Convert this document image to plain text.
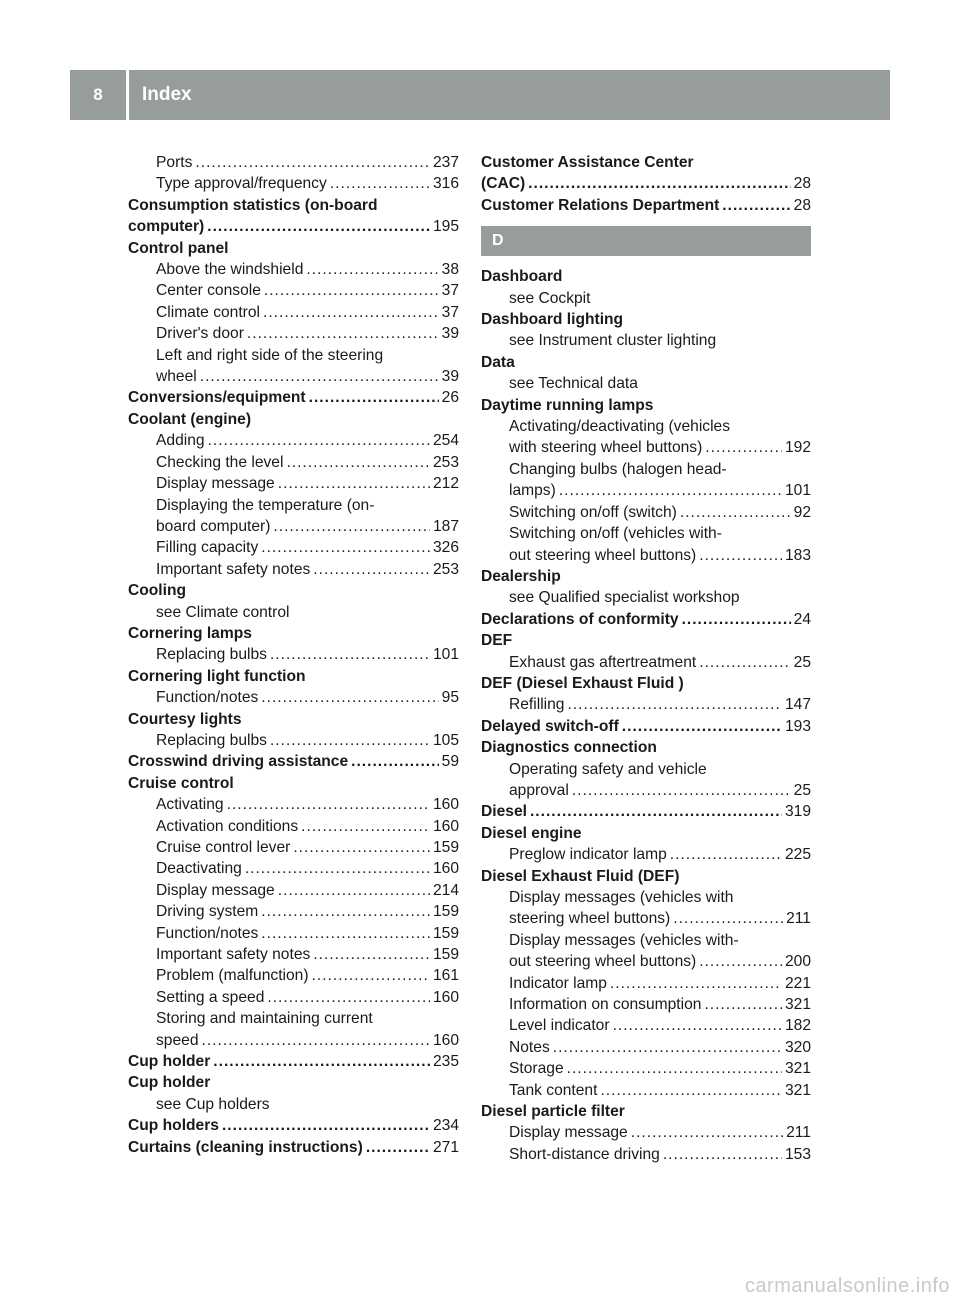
8	Index
Ports .....	237
Type approval/frequency .....	316
Consumption statistics (on-board
computer) .....	195
Control panel
Above the windshield .....	38
Center console .....	37
Climate control .....	37
Driver's door .....	39
Left and right side of the steering
wheel .....	39
Conversions/equipment .....	26
Coolant (engine)
Adding .....	254
Checking the level .....	253
Display message .....	212
Displaying the temperature (on-
board computer) .....	187
Filling capacity .....	326
Important safety notes .....	253
Cooling
see Climate control
Cornering lamps
Replacing bulbs .....	101
Cornering light function
Function/notes .....	95
Courtesy lights
Replacing bulbs .....	105
Crosswind driving assistance .....	59
Cruise control
Activating .....	160
Activation conditions .....	160
Cruise control lever .....	159
Deactivating .....	160
Display message .....	214
Driving system .....	159
Function/notes .....	159
Important safety notes .....	159
Problem (malfunction) .....	161
Setting a speed .....	160
Storing and maintaining current
speed .....	160
Cup holder .....	235
Cup holder
see Cup holders
Cup holders .....	234
Curtains (cleaning instructions) .....	271
Customer Assistance Center
(CAC) .....	28
Customer Relations Department .....	28
D
Dashboard
see Cockpit
Dashboard lighting
see Instrument cluster lighting
Data
see Technical data
Daytime running lamps
Activating/deactivating (vehicles
with steering wheel buttons) .....	192
Changing bulbs (halogen head-
lamps) .....	101
Switching on/off (switch) .....	92
Switching on/off (vehicles with-
out steering wheel buttons) .....	183
Dealership
see Qualified specialist workshop
Declarations of conformity .....	24
DEF
Exhaust gas aftertreatment .....	25
DEF (Diesel Exhaust Fluid )
Refilling .....	147
Delayed switch-off .....	193
Diagnostics connection
Operating safety and vehicle
approval .....	25
Diesel .....	319
Diesel engine
Preglow indicator lamp .....	225
Diesel Exhaust Fluid (DEF)
Display messages (vehicles with
steering wheel buttons) .....	211
Display messages (vehicles with-
out steering wheel buttons) .....	200
Indicator lamp .....	221
Information on consumption .....	321
Level indicator .....	182
Notes .....	320
Storage .....	321
Tank content .....	321
Diesel particle filter
Display message .....	211
Short-distance driving .....	153
carmanualsonline.info
